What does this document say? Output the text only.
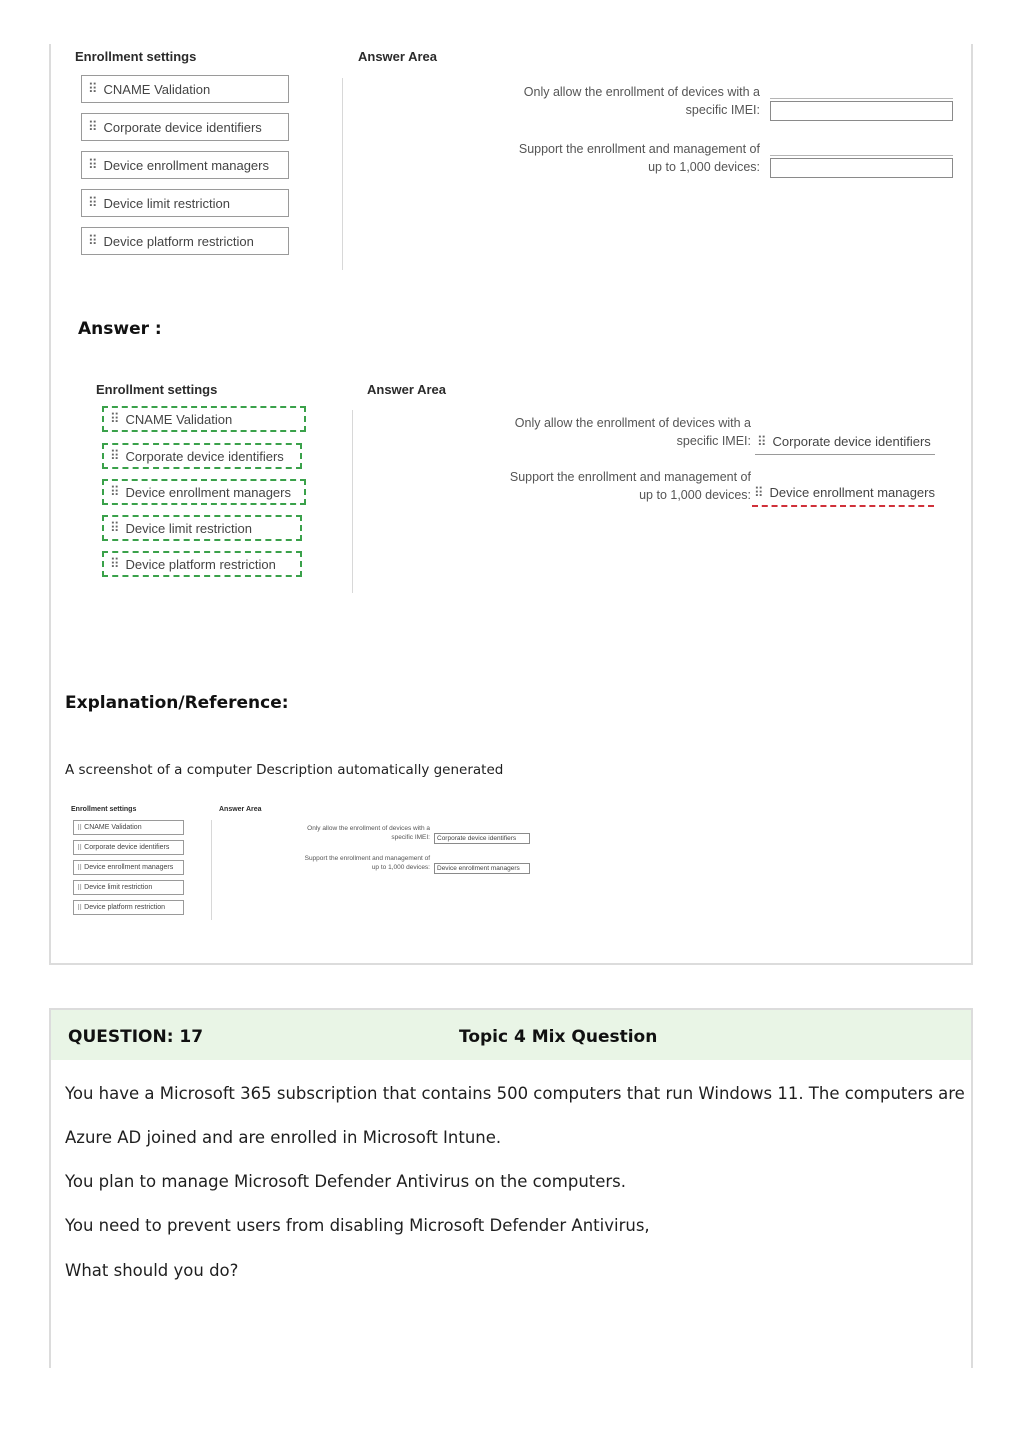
Enrollment settings	Answer Area
⠿ CNAME Validation
⠿ Corporate device identifiers
⠿ Device enrollment managers
⠿ Device limit restriction
⠿ Device platform restriction
Only allow the enrollment of devices with a
specific IMEI:
Support the enrollment and management of
up to 1,000 devices:
Answer :
Enrollment settings	Answer Area
⠿ CNAME Validation
⠿ Corporate device identifiers
⠿ Device enrollment managers
⠿ Device limit restriction
⠿ Device platform restriction
Only allow the enrollment of devices with a
specific IMEI: ⠿ Corporate device identifiers
Support the enrollment and management of
up to 1,000 devices: ⠿ Device enrollment managers
Explanation/Reference:
A screenshot of a computer Description automatically generated
Enrollment settings	Answer Area
⠿ CNAME Validation
⠿ Corporate device identifiers
⠿ Device enrollment managers
⠿ Device limit restriction
⠿ Device platform restriction
Only allow the enrollment of devices with a
specific IMEI:	Corporate device identifiers
Support the enrollment and management of
up to 1,000 devices:	Device enrollment managers
QUESTION: 17	Topic 4 Mix Question
You have a Microsoft 365 subscription that contains 500 computers that run Windows 11. The computers are
Azure AD joined and are enrolled in Microsoft Intune.
You plan to manage Microsoft Defender Antivirus on the computers.
You need to prevent users from disabling Microsoft Defender Antivirus,
What should you do?
